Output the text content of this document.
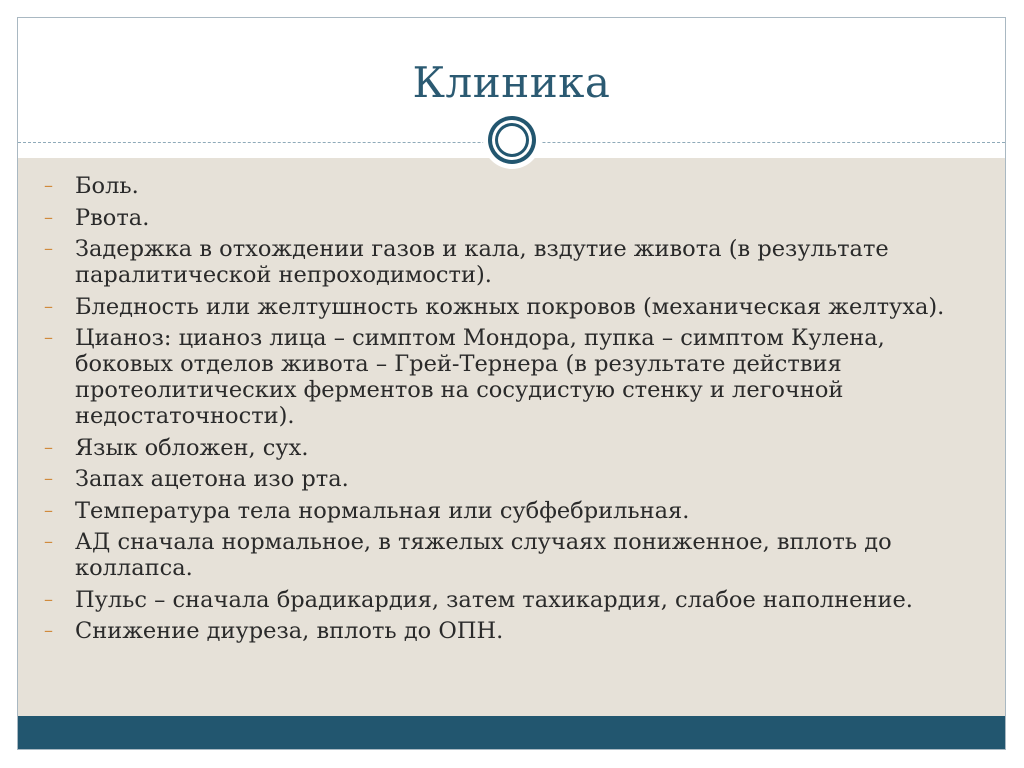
Клиника
– Боль.
– Рвота.
– Задержка в отхождении газов и кала, вздутие живота (в результате паралитической непроходимости).
– Бледность или желтушность кожных покровов (механическая желтуха).
– Цианоз: цианоз лица – симптом Мондора, пупка – симптом Кулена, боковых отделов живота – Грей-Тернера (в результате действия протеолитических ферментов на сосудистую стенку и легочной недостаточности).
– Язык обложен, сух.
– Запах ацетона изо рта.
– Температура тела нормальная или субфебрильная.
– АД сначала нормальное, в тяжелых случаях пониженное, вплоть до коллапса.
– Пульс – сначала брадикардия, затем тахикардия, слабое наполнение.
– Снижение диуреза, вплоть до ОПН.
